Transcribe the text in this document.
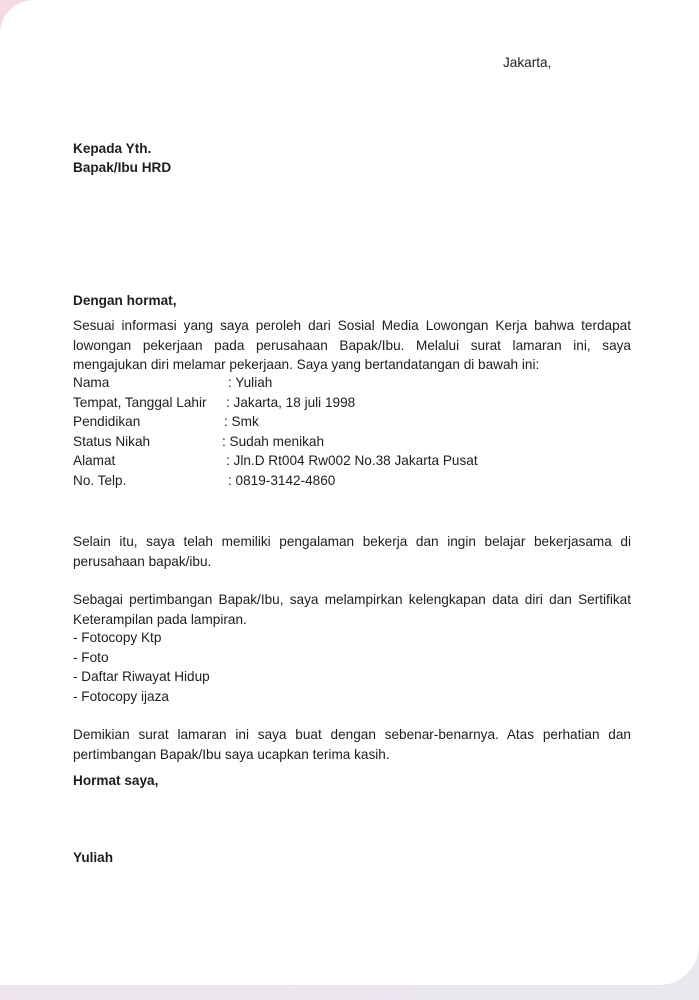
Jakarta,
Kepada Yth.
Bapak/Ibu HRD
Dengan hormat,
Sesuai informasi yang saya peroleh dari Sosial Media Lowongan Kerja bahwa terdapat
lowongan pekerjaan pada perusahaan Bapak/Ibu. Melalui surat lamaran ini, saya
mengajukan diri melamar pekerjaan. Saya yang bertandatangan di bawah ini:
Nama	: Yuliah
Tempat, Tanggal Lahir : Jakarta, 18 juli 1998
Pendidikan	: Smk
Status Nikah	: Sudah menikah
Alamat	: Jln.D Rt004 Rw002 No.38 Jakarta Pusat
No. Telp.	: 0819-3142-4860
Selain itu, saya telah memiliki pengalaman bekerja dan ingin belajar bekerjasama di
perusahaan bapak/ibu.
Sebagai pertimbangan Bapak/Ibu, saya melampirkan kelengkapan data diri dan Sertifikat
Keterampilan pada lampiran.
- Fotocopy Ktp
- Foto
- Daftar Riwayat Hidup
- Fotocopy ijaza
Demikian surat lamaran ini saya buat dengan sebenar-benarnya. Atas perhatian dan
pertimbangan Bapak/Ibu saya ucapkan terima kasih.
Hormat saya,
Yuliah
